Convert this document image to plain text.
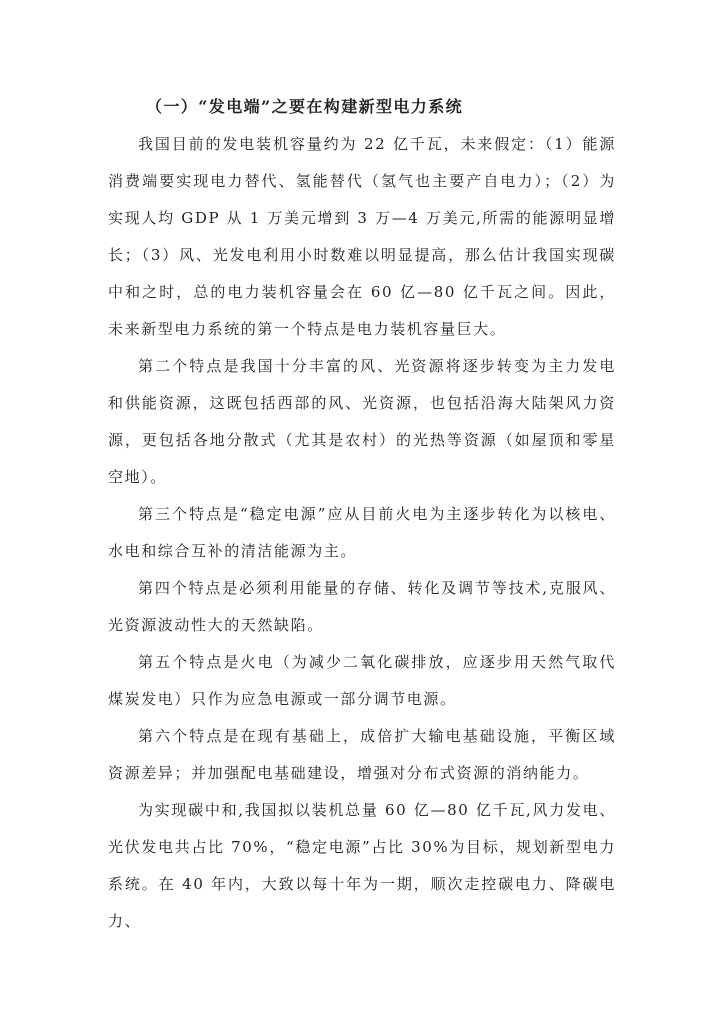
（一）“发电端”之要在构建新型电力系统

我国目前的发电装机容量约为 22 亿千瓦，未来假定：（1）能源消费端要实现电力替代、氢能替代（氢气也主要产自电力）；（2）为实现人均 GDP 从 1 万美元增到 3 万—4 万美元,所需的能源明显增长；（3）风、光发电利用小时数难以明显提高，那么估计我国实现碳中和之时，总的电力装机容量会在 60 亿—80 亿千瓦之间。因此，未来新型电力系统的第一个特点是电力装机容量巨大。

第二个特点是我国十分丰富的风、光资源将逐步转变为主力发电和供能资源，这既包括西部的风、光资源，也包括沿海大陆架风力资源，更包括各地分散式（尤其是农村）的光热等资源（如屋顶和零星空地）。

第三个特点是“稳定电源”应从目前火电为主逐步转化为以核电、水电和综合互补的清洁能源为主。

第四个特点是必须利用能量的存储、转化及调节等技术,克服风、光资源波动性大的天然缺陷。

第五个特点是火电（为减少二氧化碳排放，应逐步用天然气取代煤炭发电）只作为应急电源或一部分调节电源。

第六个特点是在现有基础上，成倍扩大输电基础设施，平衡区域资源差异；并加强配电基础建设，增强对分布式资源的消纳能力。

为实现碳中和,我国拟以装机总量 60 亿—80 亿千瓦,风力发电、光伏发电共占比 70%，“稳定电源”占比 30%为目标，规划新型电力系统。在 40 年内，大致以每十年为一期，顺次走控碳电力、降碳电力、
